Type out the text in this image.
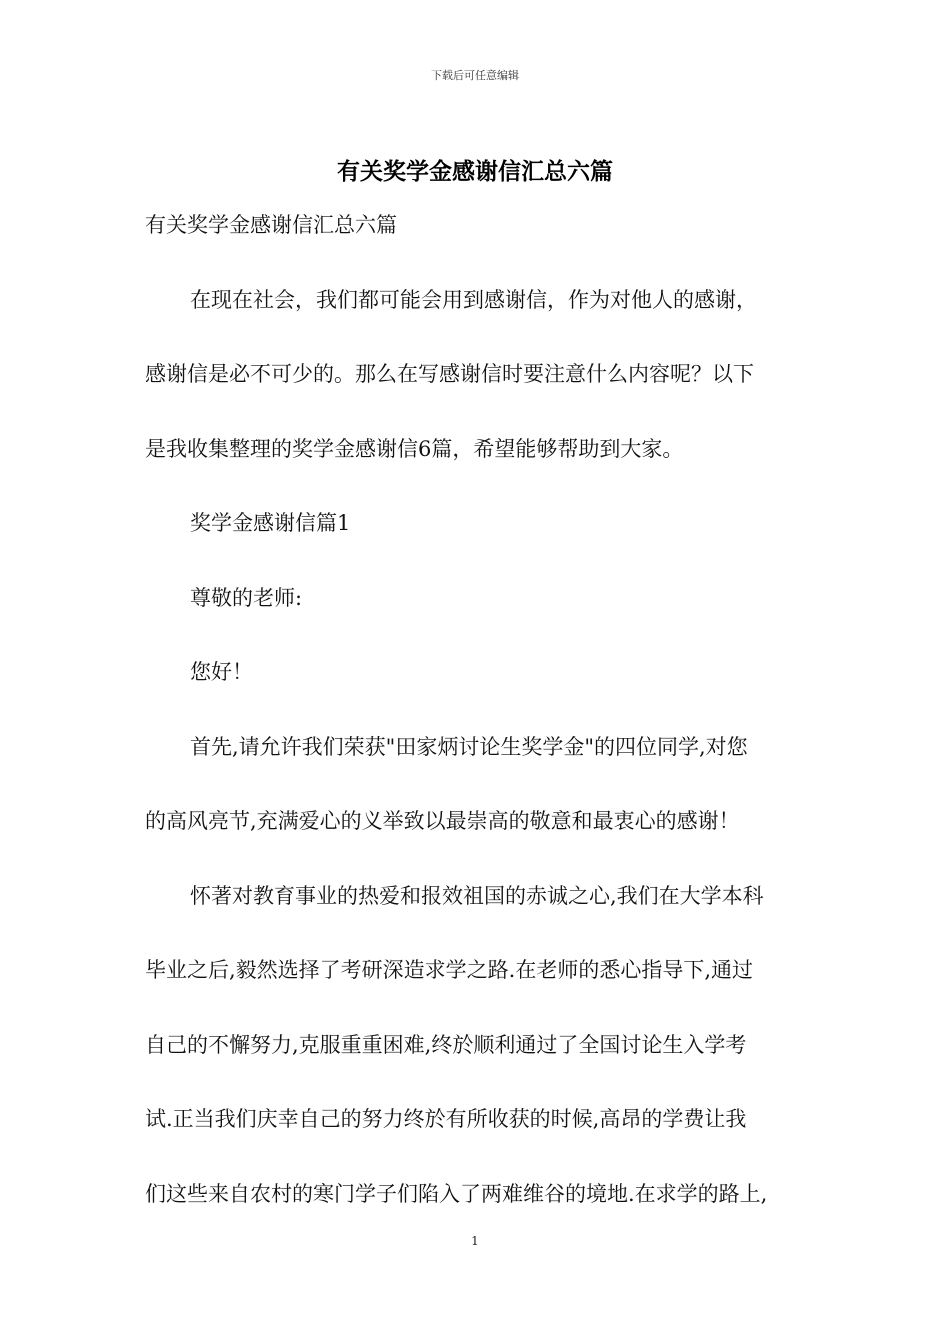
下载后可任意编辑
有关奖学金感谢信汇总六篇
有关奖学金感谢信汇总六篇
在现在社会，我们都可能会用到感谢信，作为对他人的感谢，
感谢信是必不可少的。那么在写感谢信时要注意什么内容呢？以下
是我收集整理的奖学金感谢信6篇，希望能够帮助到大家。
奖学金感谢信篇1
尊敬的老师:
您好！
首先,请允许我们荣获"田家炳讨论生奖学金"的四位同学,对您
的高风亮节,充满爱心的义举致以最崇高的敬意和最衷心的感谢！
怀著对教育事业的热爱和报效祖国的赤诚之心,我们在大学本科
毕业之后,毅然选择了考研深造求学之路.在老师的悉心指导下,通过
自己的不懈努力,克服重重困难,终於顺利通过了全国讨论生入学考
试.正当我们庆幸自己的努力终於有所收获的时候,高昂的学费让我
们这些来自农村的寒门学子们陷入了两难维谷的境地.在求学的路上,
1
